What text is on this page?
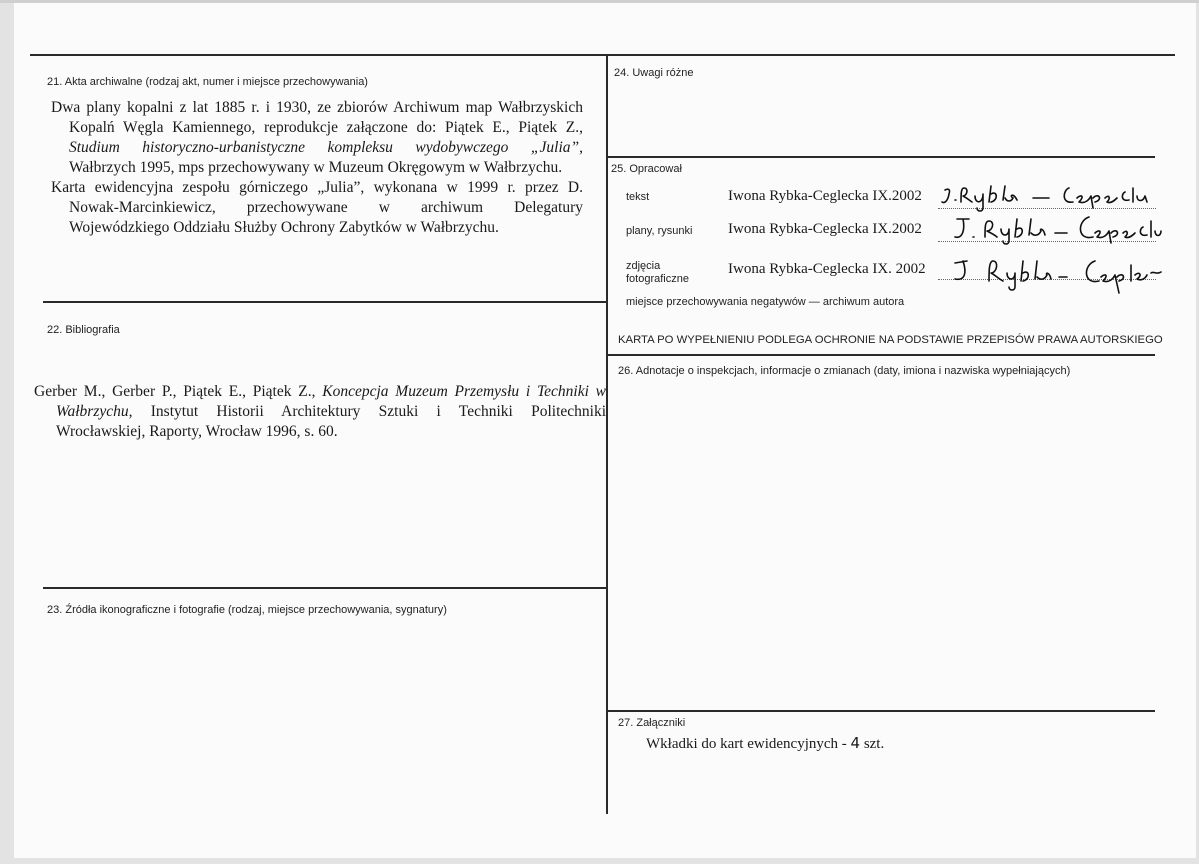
21. Akta archiwalne (rodzaj akt, numer i miejsce przechowywania)
Dwa plany kopalni z lat 1885 r. i 1930, ze zbiorów Archiwum map Wałbrzyskich
Kopalń Węgla Kamiennego, reprodukcje załączone do: Piątek E., Piątek Z.,
Studium historyczno-urbanistyczne kompleksu wydobywczego „Julia”,
Wałbrzych 1995, mps przechowywany w Muzeum Okręgowym w Wałbrzychu.
Karta ewidencyjna zespołu górniczego „Julia”, wykonana w 1999 r. przez D.
Nowak-Marcinkiewicz, przechowywane w archiwum Delegatury
Wojewódzkiego Oddziału Służby Ochrony Zabytków w Wałbrzychu.
22. Bibliografia
Gerber M., Gerber P., Piątek E., Piątek Z., Koncepcja Muzeum Przemysłu i Techniki w
Wałbrzychu, Instytut Historii Architektury Sztuki i Techniki Politechniki
Wrocławskiej, Raporty, Wrocław 1996, s. 60.
23. Źródła ikonograficzne i fotografie (rodzaj, miejsce przechowywania, sygnatury)
24. Uwagi różne
25. Opracował
tekst	Iwona Rybka-Ceglecka IX.2002
plany, rysunki Iwona Rybka-Ceglecka IX.2002
zdjęcia
fotograficzne
Iwona Rybka-Ceglecka IX. 2002
miejsce przechowywania negatywów — archiwum autora
KARTA PO WYPEŁNIENIU PODLEGA OCHRONIE NA PODSTAWIE PRZEPISÓW PRAWA AUTORSKIEGO
26. Adnotacje o inspekcjach, informacje o zmianach (daty, imiona i nazwiska wypełniających)
27. Załączniki
Wkładki do kart ewidencyjnych - 4 szt.
